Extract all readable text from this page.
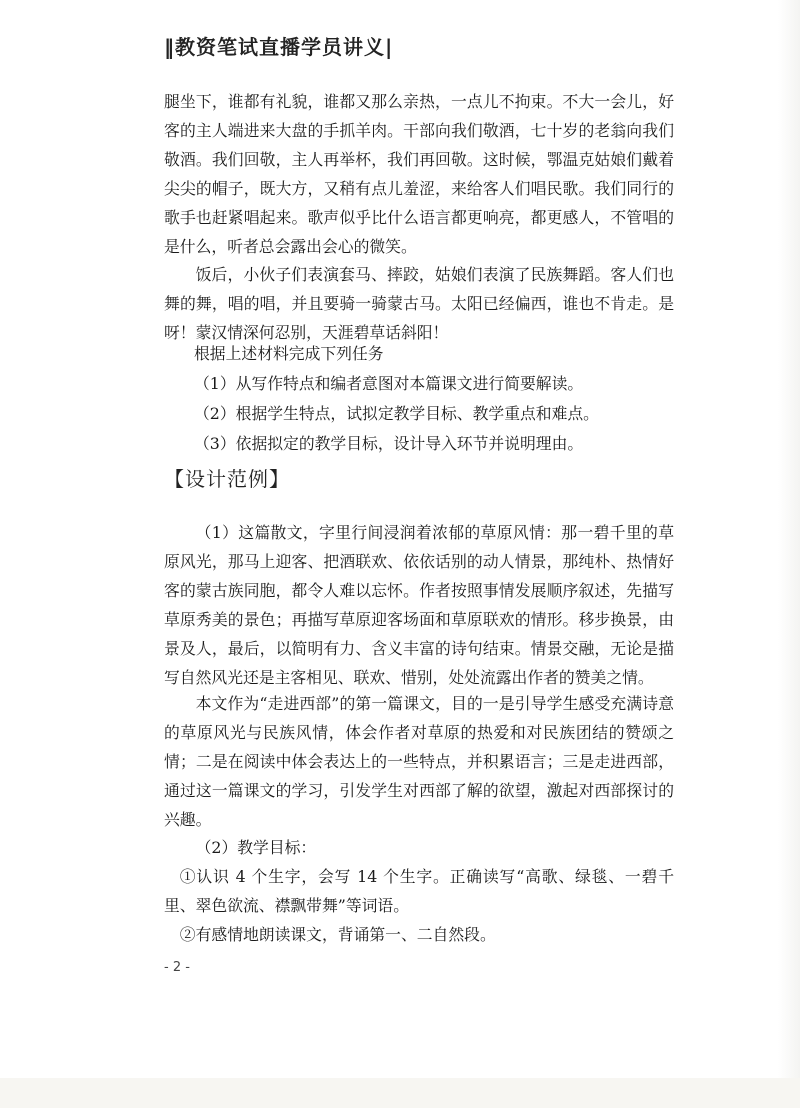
‖教资笔试直播学员讲义|

腿坐下，谁都有礼貌，谁都又那么亲热，一点儿不拘束。不大一会儿，好客的主人端进来大盘的手抓羊肉。干部向我们敬酒，七十岁的老翁向我们敬酒。我们回敬，主人再举杯，我们再回敬。这时候，鄂温克姑娘们戴着尖尖的帽子，既大方，又稍有点儿羞涩，来给客人们唱民歌。我们同行的歌手也赶紧唱起来。歌声似乎比什么语言都更响亮，都更感人，不管唱的是什么，听者总会露出会心的微笑。

饭后，小伙子们表演套马、摔跤，姑娘们表演了民族舞蹈。客人们也舞的舞，唱的唱，并且要骑一骑蒙古马。太阳已经偏西，谁也不肯走。是呀！蒙汉情深何忍别，天涯碧草话斜阳！

根据上述材料完成下列任务

（1）从写作特点和编者意图对本篇课文进行简要解读。

（2）根据学生特点，试拟定教学目标、教学重点和难点。

（3）依据拟定的教学目标，设计导入环节并说明理由。

【设计范例】

（1）这篇散文，字里行间浸润着浓郁的草原风情：那一碧千里的草原风光，那马上迎客、把酒联欢、依依话别的动人情景，那纯朴、热情好客的蒙古族同胞，都令人难以忘怀。作者按照事情发展顺序叙述，先描写草原秀美的景色；再描写草原迎客场面和草原联欢的情形。移步换景，由景及人，最后，以简明有力、含义丰富的诗句结束。情景交融，无论是描写自然风光还是主客相见、联欢、惜别，处处流露出作者的赞美之情。

本文作为“走进西部”的第一篇课文，目的一是引导学生感受充满诗意的草原风光与民族风情，体会作者对草原的热爱和对民族团结的赞颂之情；二是在阅读中体会表达上的一些特点，并积累语言；三是走进西部，通过这一篇课文的学习，引发学生对西部了解的欲望，激起对西部探讨的兴趣。

（2）教学目标：

①认识 4 个生字，会写 14 个生字。正确读写“高歌、绿毯、一碧千里、翠色欲流、襟飘带舞”等词语。

②有感情地朗读课文，背诵第一、二自然段。

- 2 -
